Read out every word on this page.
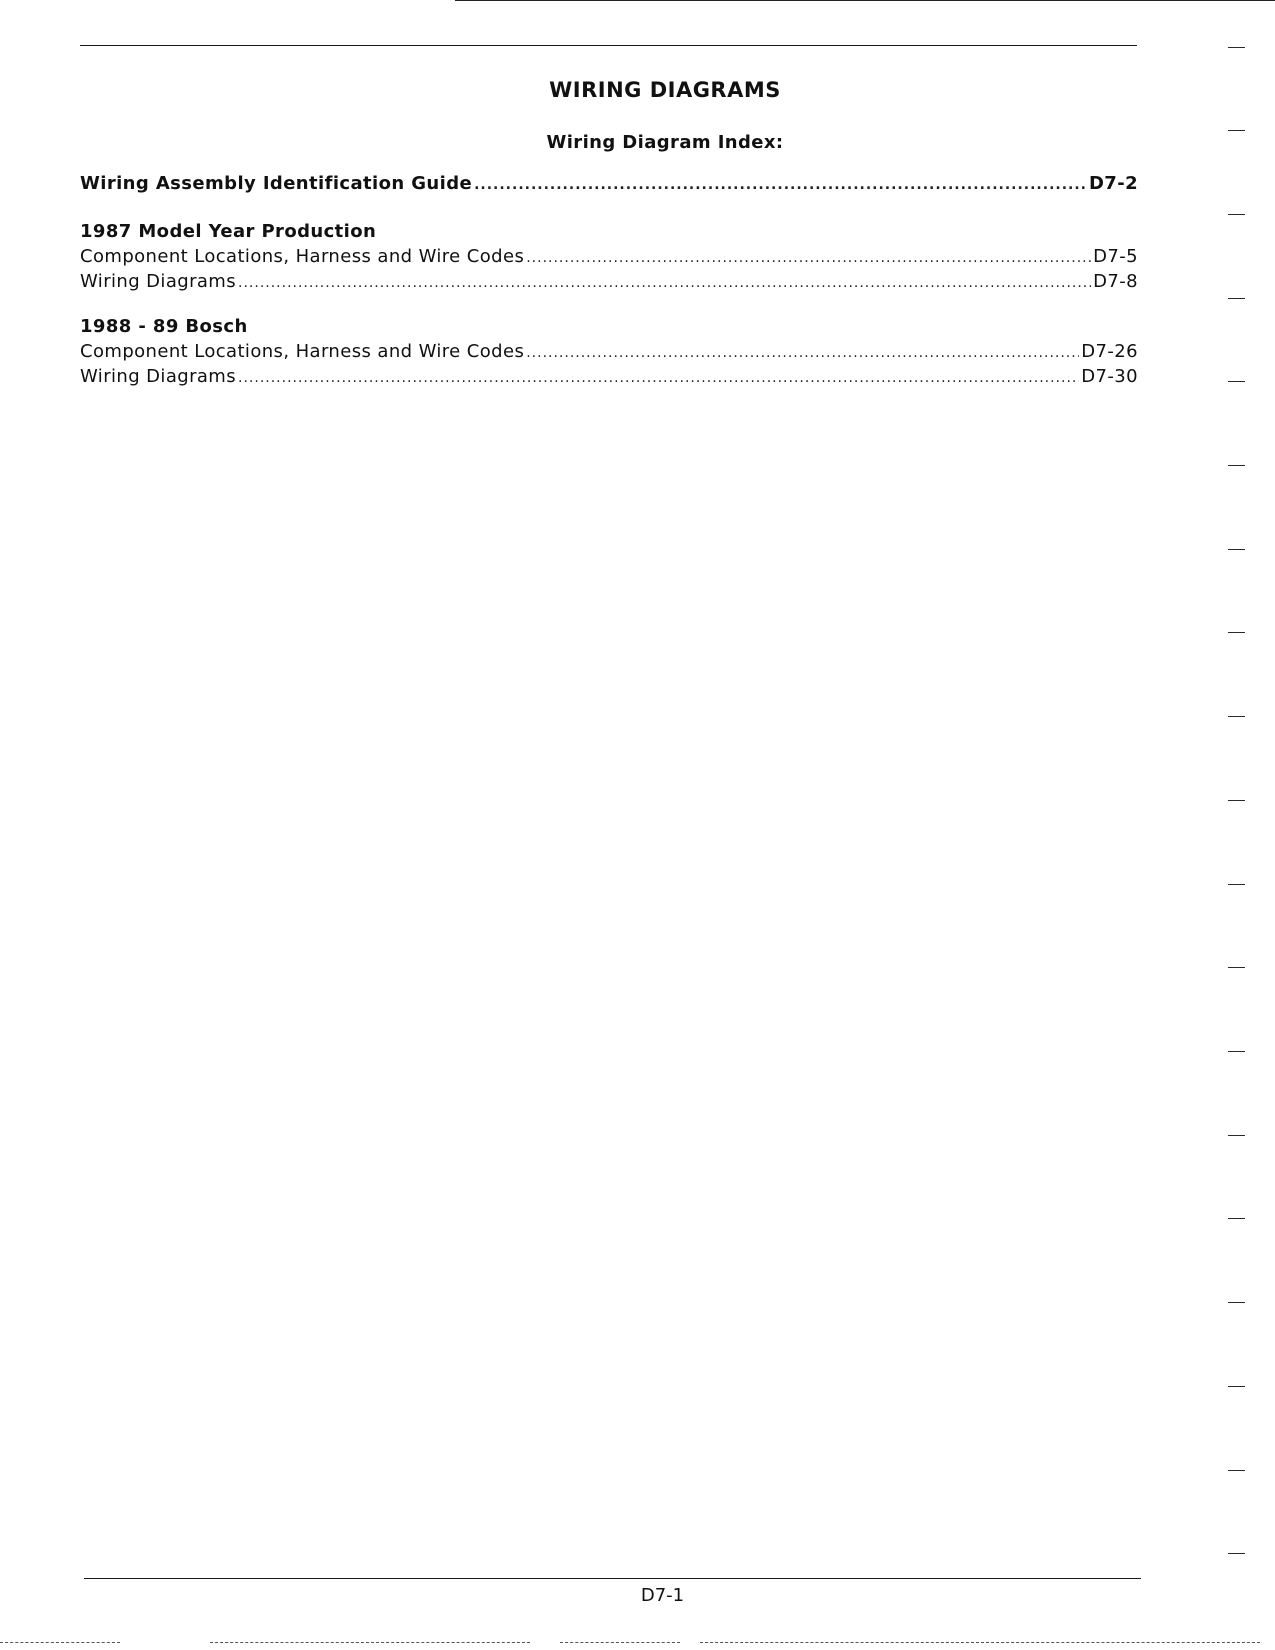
WIRING DIAGRAMS
Wiring Diagram Index:
Wiring Assembly Identification Guide .....	D7-2
1987 Model Year Production
Component Locations, Harness and Wire Codes .....	D7-5
Wiring Diagrams .....	D7-8
1988 - 89 Bosch
Component Locations, Harness and Wire Codes .....	D7-26
Wiring Diagrams .....	D7-30
D7-1
